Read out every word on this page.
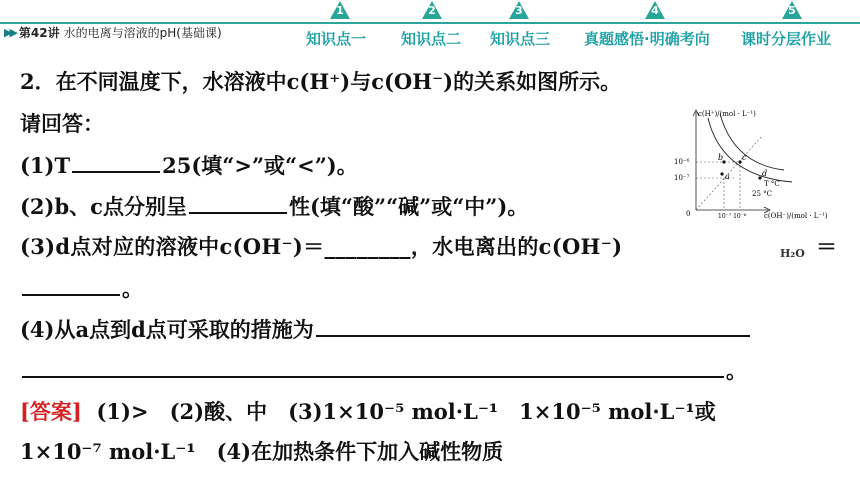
▶▶ 第42讲 水的电离与溶液的pH(基础课)
1
知识点一
2
知识点二
3
知识点三
4
真题感悟·明确考向
5
课时分层作业
2．在不同温度下，水溶液中c(H⁺)与c(OH⁻)的关系如图所示。
请回答：
(1)T	25(填“>”或“<”)。
(2)b、c点分别呈	性(填“酸”“碱”或“中”)。
(3)d点对应的溶液中c(OH⁻)＝________，水电离出的c(OH⁻)	＝
H₂O
。
(4)从a点到d点可采取的措施为
。
[答案] (1)>　(2)酸、中　(3)1×10⁻⁵ mol·L⁻¹　1×10⁻⁵ mol·L⁻¹或
1×10⁻⁷ mol·L⁻¹　(4)在加热条件下加入碱性物质
c(H⁺)/(mol · L⁻¹)
10⁻⁶
10⁻⁷
0	10⁻⁷ 10⁻⁶	c(OH⁻)/(mol · L⁻¹)
a
b c
d
T °C
25 °C
